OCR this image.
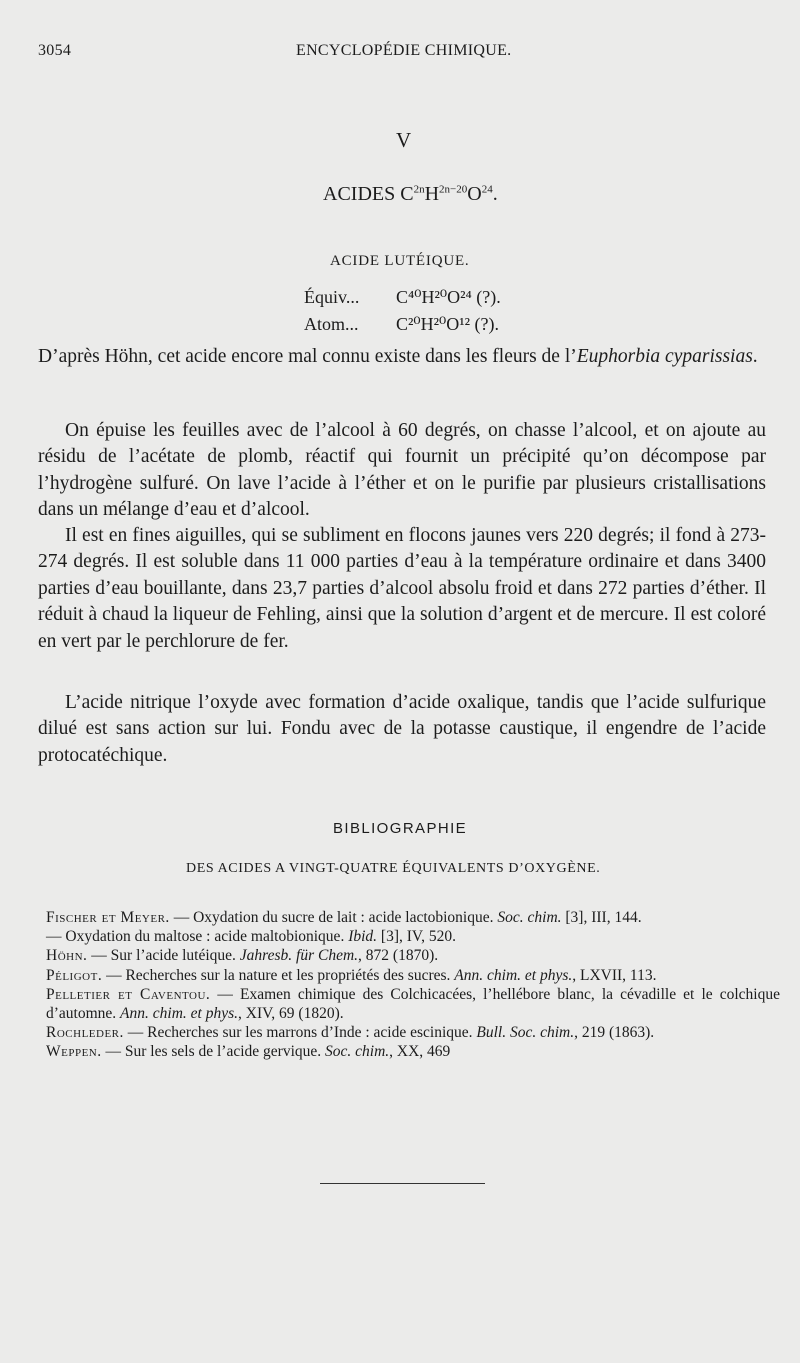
3054	ENCYCLOPÉDIE CHIMIQUE.
V
ACIDES $C^{2n}H^{2n-20}O^{24}$.
ACIDE LUTÉIQUE.
Équiv... C⁴⁰H²⁰O²⁴ (?).
Atom... C²⁰H²⁰O¹² (?).
D’après Höhn, cet acide encore mal connu existe dans les fleurs de l’Euphorbia cyparissias.
On épuise les feuilles avec de l’alcool à 60 degrés, on chasse l’alcool, et on ajoute au résidu de l’acétate de plomb, réactif qui fournit un précipité qu’on décompose par l’hydrogène sulfuré. On lave l’acide à l’éther et on le purifie par plusieurs cristallisations dans un mélange d’eau et d’alcool.
Il est en fines aiguilles, qui se subliment en flocons jaunes vers 220 degrés; il fond à 273-274 degrés. Il est soluble dans 11 000 parties d’eau à la température ordinaire et dans 3400 parties d’eau bouillante, dans 23,7 parties d’alcool absolu froid et dans 272 parties d’éther. Il réduit à chaud la liqueur de Fehling, ainsi que la solution d’argent et de mercure. Il est coloré en vert par le perchlorure de fer.
L’acide nitrique l’oxyde avec formation d’acide oxalique, tandis que l’acide sulfurique dilué est sans action sur lui. Fondu avec de la potasse caustique, il engendre de l’acide protocatéchique.
BIBLIOGRAPHIE
DES ACIDES A VINGT-QUATRE ÉQUIVALENTS D’OXYGÈNE.
Fischer et Meyer. — Oxydation du sucre de lait : acide lactobionique. Soc. chim. [3], III, 144.
— Oxydation du maltose : acide maltobionique. Ibid. [3], IV, 520.
Höhn. — Sur l’acide lutéique. Jahresb. für Chem., 872 (1870).
Péligot. — Recherches sur la nature et les propriétés des sucres. Ann. chim. et phys., LXVII, 113.
Pelletier et Caventou. — Examen chimique des Colchicacées, l’hellébore blanc, la cévadille et le colchique d’automne. Ann. chim. et phys., XIV, 69 (1820).
Rochleder. — Recherches sur les marrons d’Inde : acide escinique. Bull. Soc. chim., 219 (1863).
Weppen. — Sur les sels de l’acide gervique. Soc. chim., XX, 469
